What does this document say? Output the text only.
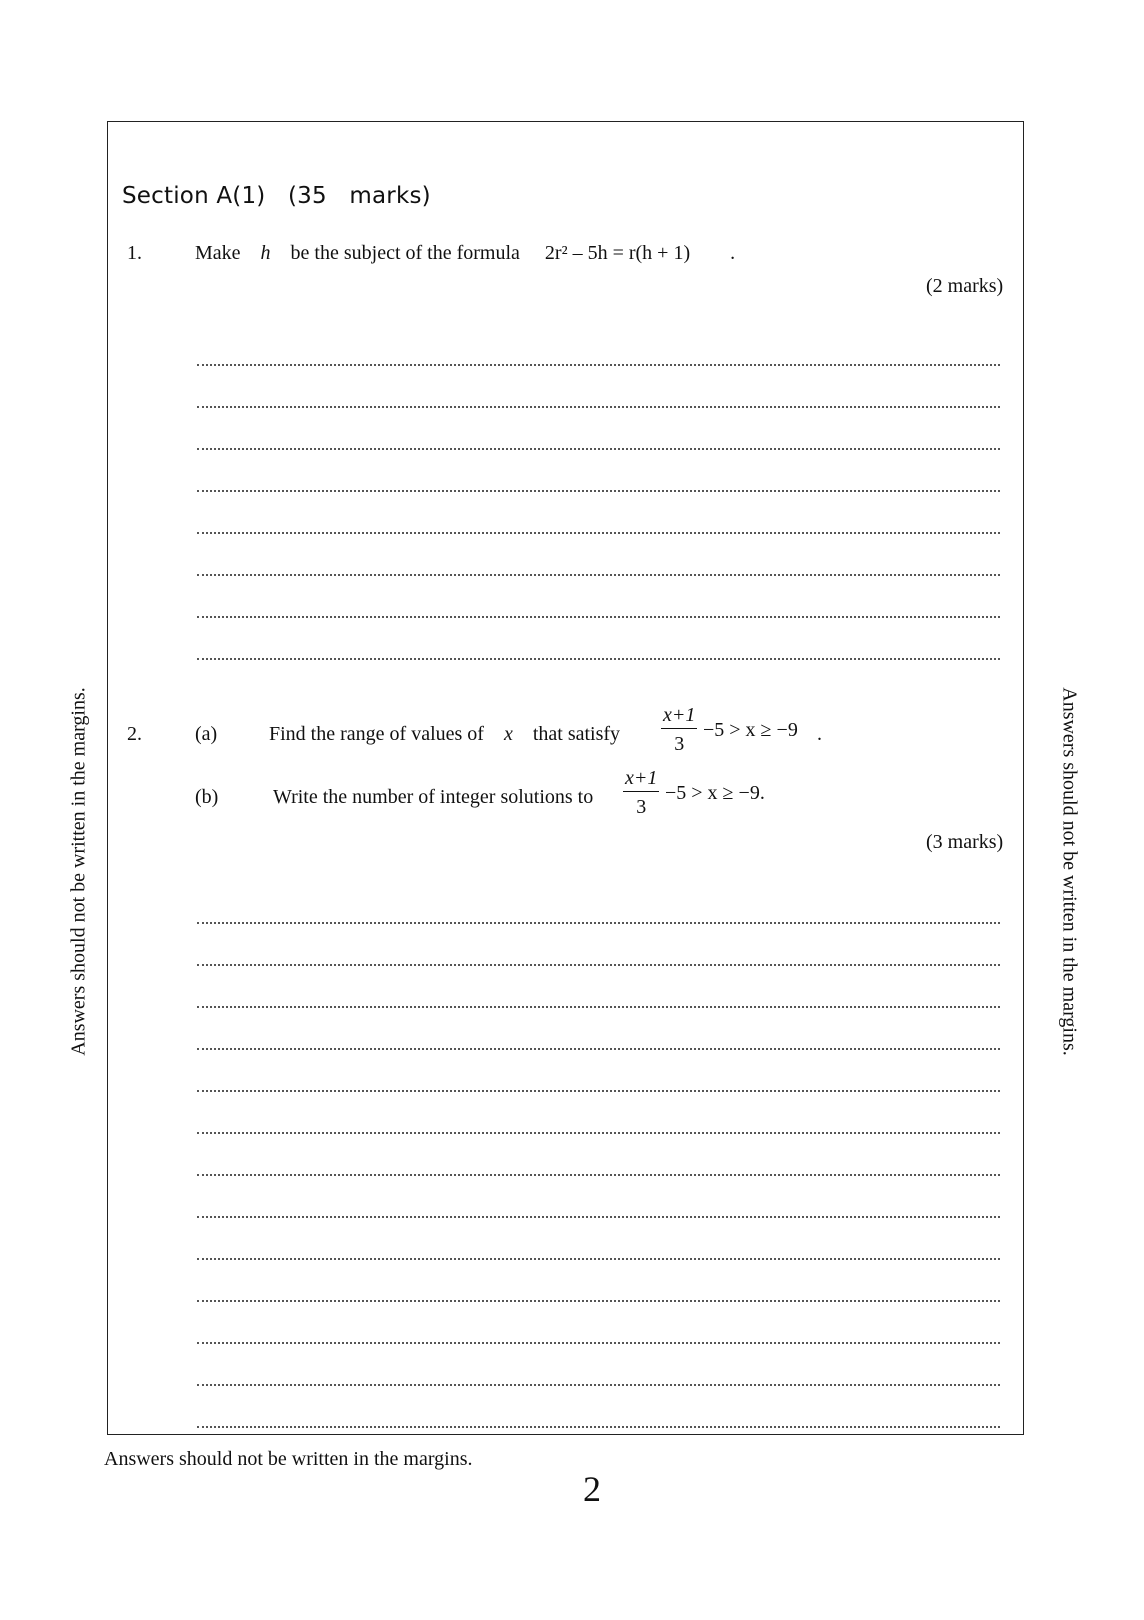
Answers should not be written in the margins.	Answers should not be written in the margins.
Section A(1)   (35   marks)
1.	Make h be the subject of the formula 2r² – 5h = r(h + 1) .
(2 marks)
2.	(a)	Find the range of values of x that satisfy $\frac{x+1}{3} -5 > x \ge -9$ .
(b)	Write the number of integer solutions to $\frac{x+1}{3} -5 > x \ge -9$.
(3 marks)
Answers should not be written in the margins.
2
